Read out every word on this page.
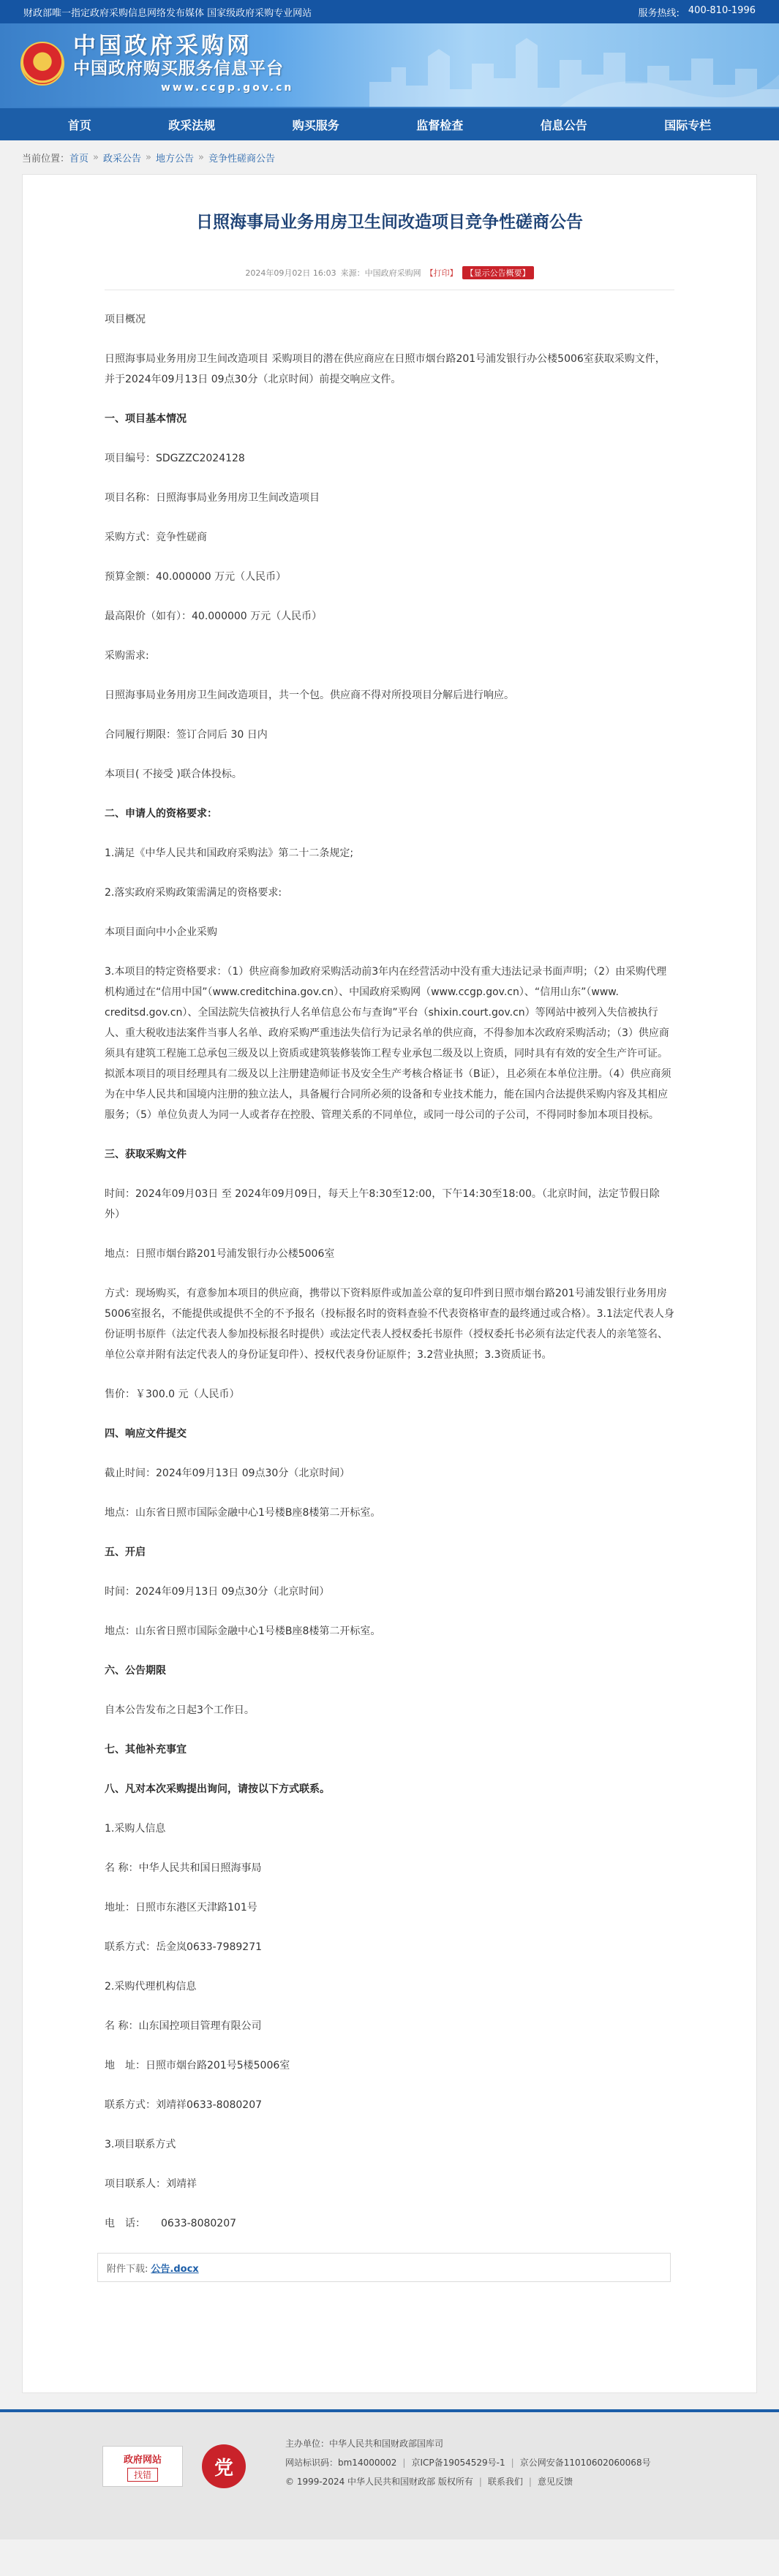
财政部唯一指定政府采购信息网络发布媒体 国家级政府采购专业网站	服务热线: 400-810-1996
中国政府采购网
中国政府购买服务信息平台
www.ccgp.gov.cn
首页	政采法规	购买服务	监督检查	信息公告	国际专栏
当前位置： 首页 » 政采公告 » 地方公告 » 竞争性磋商公告
日照海事局业务用房卫生间改造项目竞争性磋商公告
2024年09月02日 16:03 来源：中国政府采购网 【打印】	【显示公告概要】

项目概况

日照海事局业务用房卫生间改造项目 采购项目的潜在供应商应在日照市烟台路201号浦发银行办公楼5006室获取采购文件，并于2024年09月13日 09点30分（北京时间）前提交响应文件。

一、项目基本情况

项目编号：SDGZZC2024128

项目名称：日照海事局业务用房卫生间改造项目

采购方式：竞争性磋商

预算金额：40.000000 万元（人民币）

最高限价（如有）：40.000000 万元（人民币）

采购需求:

日照海事局业务用房卫生间改造项目，共一个包。供应商不得对所投项目分解后进行响应。

合同履行期限：签订合同后 30 日内

本项目( 不接受 )联合体投标。

二、申请人的资格要求：

1.满足《中华人民共和国政府采购法》第二十二条规定;

2.落实政府采购政策需满足的资格要求:

本项目面向中小企业采购

3.本项目的特定资格要求：（1）供应商参加政府采购活动前3年内在经营活动中没有重大违法记录书面声明；（2）由采购代理机构通过在“信用中国”（www.creditchina.gov.cn）、中国政府采购网（www.ccgp.gov.cn）、“信用山东”（www. creditsd.gov.cn）、全国法院失信被执行人名单信息公布与查询”平台（shixin.court.gov.cn）等网站中被列入失信被执行人、重大税收违法案件当事人名单、政府采购严重违法失信行为记录名单的供应商，不得参加本次政府采购活动；（3）供应商须具有建筑工程施工总承包三级及以上资质或建筑装修装饰工程专业承包二级及以上资质，同时具有有效的安全生产许可证。拟派本项目的项目经理具有二级及以上注册建造师证书及安全生产考核合格证书（B证），且必须在本单位注册。（4）供应商须为在中华人民共和国境内注册的独立法人，具备履行合同所必须的设备和专业技术能力，能在国内合法提供采购内容及其相应服务；（5）单位负责人为同一人或者存在控股、管理关系的不同单位，或同一母公司的子公司，不得同时参加本项目投标。

三、获取采购文件

时间：2024年09月03日 至 2024年09月09日，每天上午8:30至12:00，下午14:30至18:00。（北京时间，法定节假日除外）

地点：日照市烟台路201号浦发银行办公楼5006室

方式：现场购买，有意参加本项目的供应商，携带以下资料原件或加盖公章的复印件到日照市烟台路201号浦发银行业务用房5006室报名，不能提供或提供不全的不予报名（投标报名时的资料查验不代表资格审查的最终通过或合格）。3.1法定代表人身份证明书原件（法定代表人参加投标报名时提供）或法定代表人授权委托书原件（授权委托书必须有法定代表人的亲笔签名、单位公章并附有法定代表人的身份证复印件）、授权代表身份证原件；3.2营业执照；3.3资质证书。

售价：￥300.0 元（人民币）

四、响应文件提交

截止时间：2024年09月13日 09点30分（北京时间）

地点：山东省日照市国际金融中心1号楼B座8楼第二开标室。

五、开启

时间：2024年09月13日 09点30分（北京时间）

地点：山东省日照市国际金融中心1号楼B座8楼第二开标室。

六、公告期限

自本公告发布之日起3个工作日。

七、其他补充事宜

八、凡对本次采购提出询问，请按以下方式联系。

1.采购人信息

名 称：中华人民共和国日照海事局

地址：日照市东港区天津路101号

联系方式：岳金岚0633-7989271

2.采购代理机构信息

名 称：山东国控项目管理有限公司

地　址：日照市烟台路201号5楼5006室

联系方式：刘靖祥0633-8080207

3.项目联系方式

项目联系人：刘靖祥

电　话：　　0633-8080207

附件下载: 公告.docx
政府网站
找错	党
主办单位：中华人民共和国财政部国库司
网站标识码：bm14000002 | 京ICP备19054529号-1 | 京公网安备11010602060068号
© 1999-2024 中华人民共和国财政部 版权所有 | 联系我们 | 意见反馈
